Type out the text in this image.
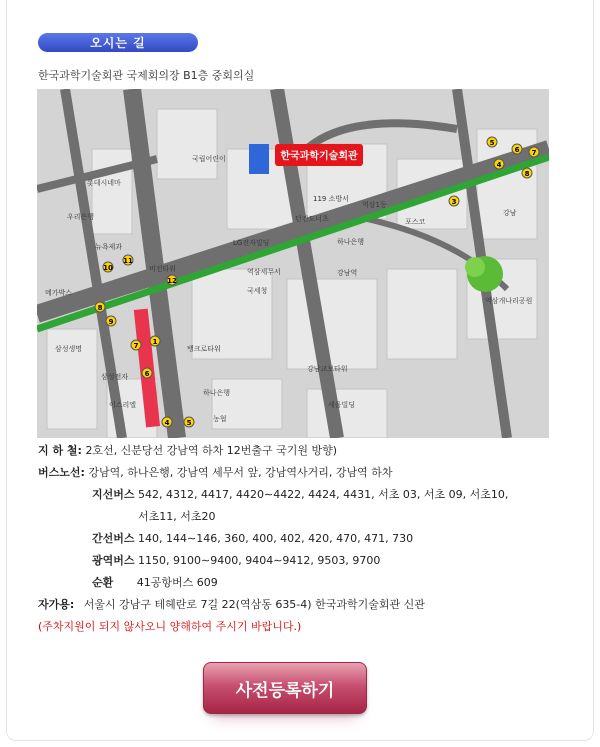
오시는 길
한국과학기술회관 국제회의장 B1층 중회의실
10
11
12
8
9
7 1
6
4 5
3
4
6 7
5
8
한국과학기술회관
롯데시네마
우리은행
뉴욕제과
메가박스
삼성생명
삼성전자
이스리엘
국립어린이
119 소방서
던킨도너츠
역삼1동
LG전자빌딩
비전타워	역삼세무서
국세청
뱅크로타워
강남역
포스코
강남
역삼개나리공원
하나은행
농협
강남교보타워
세움빌딩
하나은행
지 하 철: 2호선, 신분당선 강남역 하차 12번출구 국기원 방향)
버스노선: 강남역, 하나은행, 강남역 세무서 앞, 강남역사거리, 강남역 하차
지선버스 542, 4312, 4417, 4420∼4422, 4424, 4431, 서초 03, 서초 09, 서초10,
서초11, 서초20
간선버스 140, 144∼146, 360, 400, 402, 420, 470, 471, 730
광역버스 1150, 9100∼9400, 9404∼9412, 9503, 9700
순환 41공항버스 609
자가용: 서울시 강남구 테헤란로 7길 22(역삼동 635-4) 한국과학기술회관 신관
(주차지원이 되지 않사오니 양해하여 주시기 바랍니다.)
사전등록하기
